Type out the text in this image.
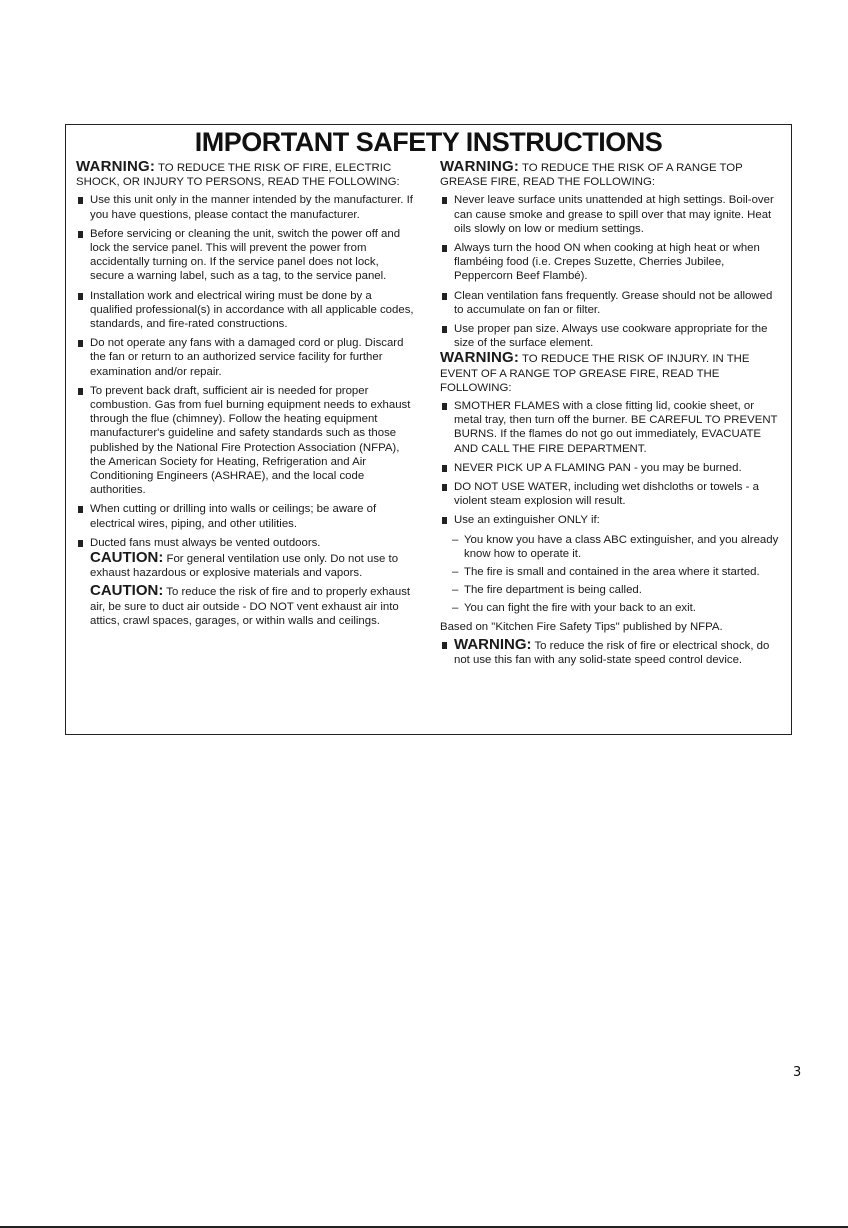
IMPORTANT SAFETY INSTRUCTIONS
WARNING: TO REDUCE THE RISK OF FIRE, ELECTRIC SHOCK, OR INJURY TO PERSONS, READ THE FOLLOWING:
Use this unit only in the manner intended by the manufacturer. If you have questions, please contact the manufacturer.
Before servicing or cleaning the unit, switch the power off and lock the service panel. This will prevent the power from accidentally turning on. If the service panel does not lock, secure a warning label, such as a tag, to the service panel.
Installation work and electrical wiring must be done by a qualified professional(s) in accordance with all applicable codes, standards, and fire-rated constructions.
Do not operate any fans with a damaged cord or plug. Discard the fan or return to an authorized service facility for further examination and/or repair.
To prevent back draft, sufficient air is needed for proper combustion. Gas from fuel burning equipment needs to exhaust through the flue (chimney). Follow the heating equipment manufacturer's guideline and safety standards such as those published by the National Fire Protection Association (NFPA), the American Society for Heating, Refrigeration and Air Conditioning Engineers (ASHRAE), and the local code authorities.
When cutting or drilling into walls or ceilings; be aware of electrical wires, piping, and other utilities.
Ducted fans must always be vented outdoors.
CAUTION: For general ventilation use only. Do not use to exhaust hazardous or explosive materials and vapors.
CAUTION: To reduce the risk of fire and to properly exhaust air, be sure to duct air outside - DO NOT vent exhaust air into attics, crawl spaces, garages, or within walls and ceilings.
WARNING: TO REDUCE THE RISK OF A RANGE TOP GREASE FIRE, READ THE FOLLOWING:
Never leave surface units unattended at high settings. Boil-over can cause smoke and grease to spill over that may ignite. Heat oils slowly on low or medium settings.
Always turn the hood ON when cooking at high heat or when flambéing food (i.e. Crepes Suzette, Cherries Jubilee, Peppercorn Beef Flambé).
Clean ventilation fans frequently. Grease should not be allowed to accumulate on fan or filter.
Use proper pan size. Always use cookware appropriate for the size of the surface element.
WARNING: TO REDUCE THE RISK OF INJURY. IN THE EVENT OF A RANGE TOP GREASE FIRE, READ THE FOLLOWING:
SMOTHER FLAMES with a close fitting lid, cookie sheet, or metal tray, then turn off the burner. BE CAREFUL TO PREVENT BURNS. If the flames do not go out immediately, EVACUATE AND CALL THE FIRE DEPARTMENT.
NEVER PICK UP A FLAMING PAN - you may be burned.
DO NOT USE WATER, including wet dishcloths or towels - a violent steam explosion will result.
Use an extinguisher ONLY if:
– You know you have a class ABC extinguisher, and you already know how to operate it.
– The fire is small and contained in the area where it started.
– The fire department is being called.
– You can fight the fire with your back to an exit.
Based on "Kitchen Fire Safety Tips" published by NFPA.
WARNING: To reduce the risk of fire or electrical shock, do not use this fan with any solid-state speed control device.
3
